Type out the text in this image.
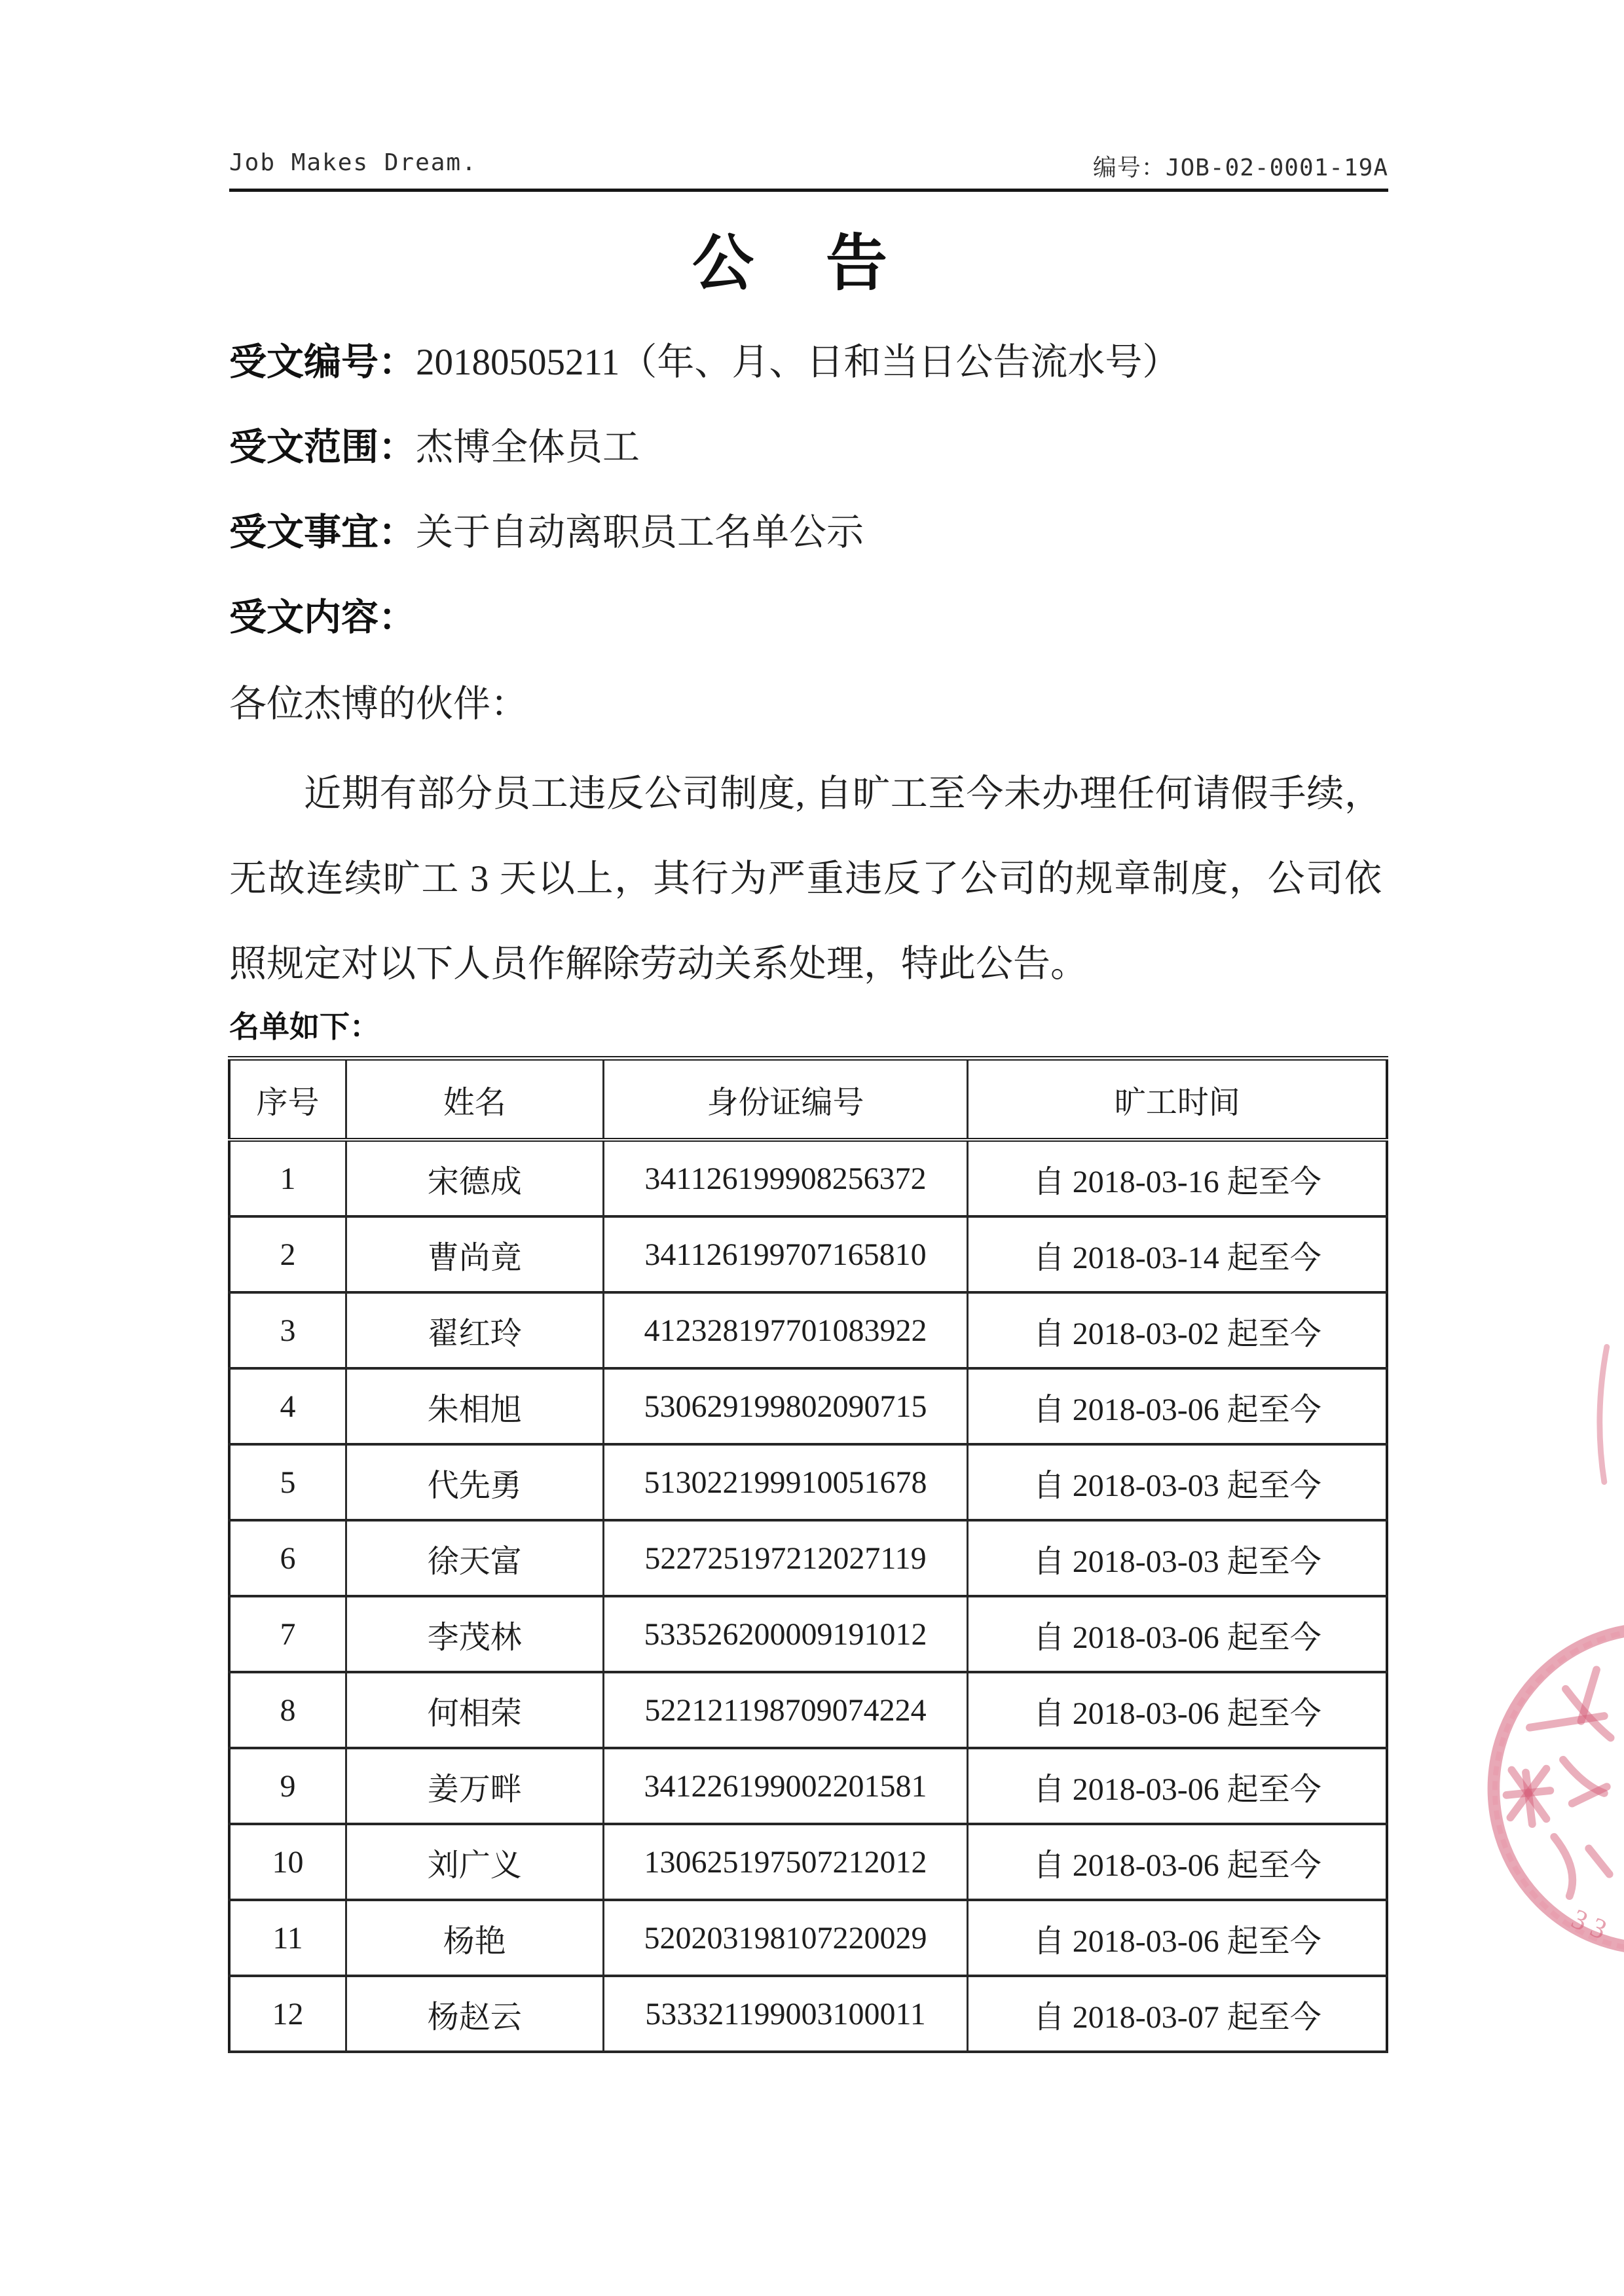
Job Makes Dream.	编号：JOB-02-0001-19A
公　告
受文编号：20180505211（年、月、日和当日公告流水号）
受文范围：杰博全体员工
受文事宜：关于自动离职员工名单公示
受文内容：
各位杰博的伙伴：
近期有部分员工违反公司制度, 自旷工至今未办理任何请假手续，无故连续旷工 3 天以上，其行为严重违反了公司的规章制度，公司依照规定对以下人员作解除劳动关系处理，特此公告。
名单如下：
序号	姓名	身份证编号	旷工时间
1	宋德成	341126199908256372	自 2018-03-16 起至今
2	曹尚竟	341126199707165810	自 2018-03-14 起至今
3	翟红玲	412328197701083922	自 2018-03-02 起至今
4	朱相旭	530629199802090715	自 2018-03-06 起至今
5	代先勇	513022199910051678	自 2018-03-03 起至今
6	徐天富	522725197212027119	自 2018-03-03 起至今
7	李茂林	533526200009191012	自 2018-03-06 起至今
8	何相荣	522121198709074224	自 2018-03-06 起至今
9	姜万畔	341226199002201581	自 2018-03-06 起至今
10	刘广义	130625197507212012	自 2018-03-06 起至今
11	杨艳	520203198107220029	自 2018-03-06 起至今
12	杨赵云	533321199003100011	自 2018-03-07 起至今
33
